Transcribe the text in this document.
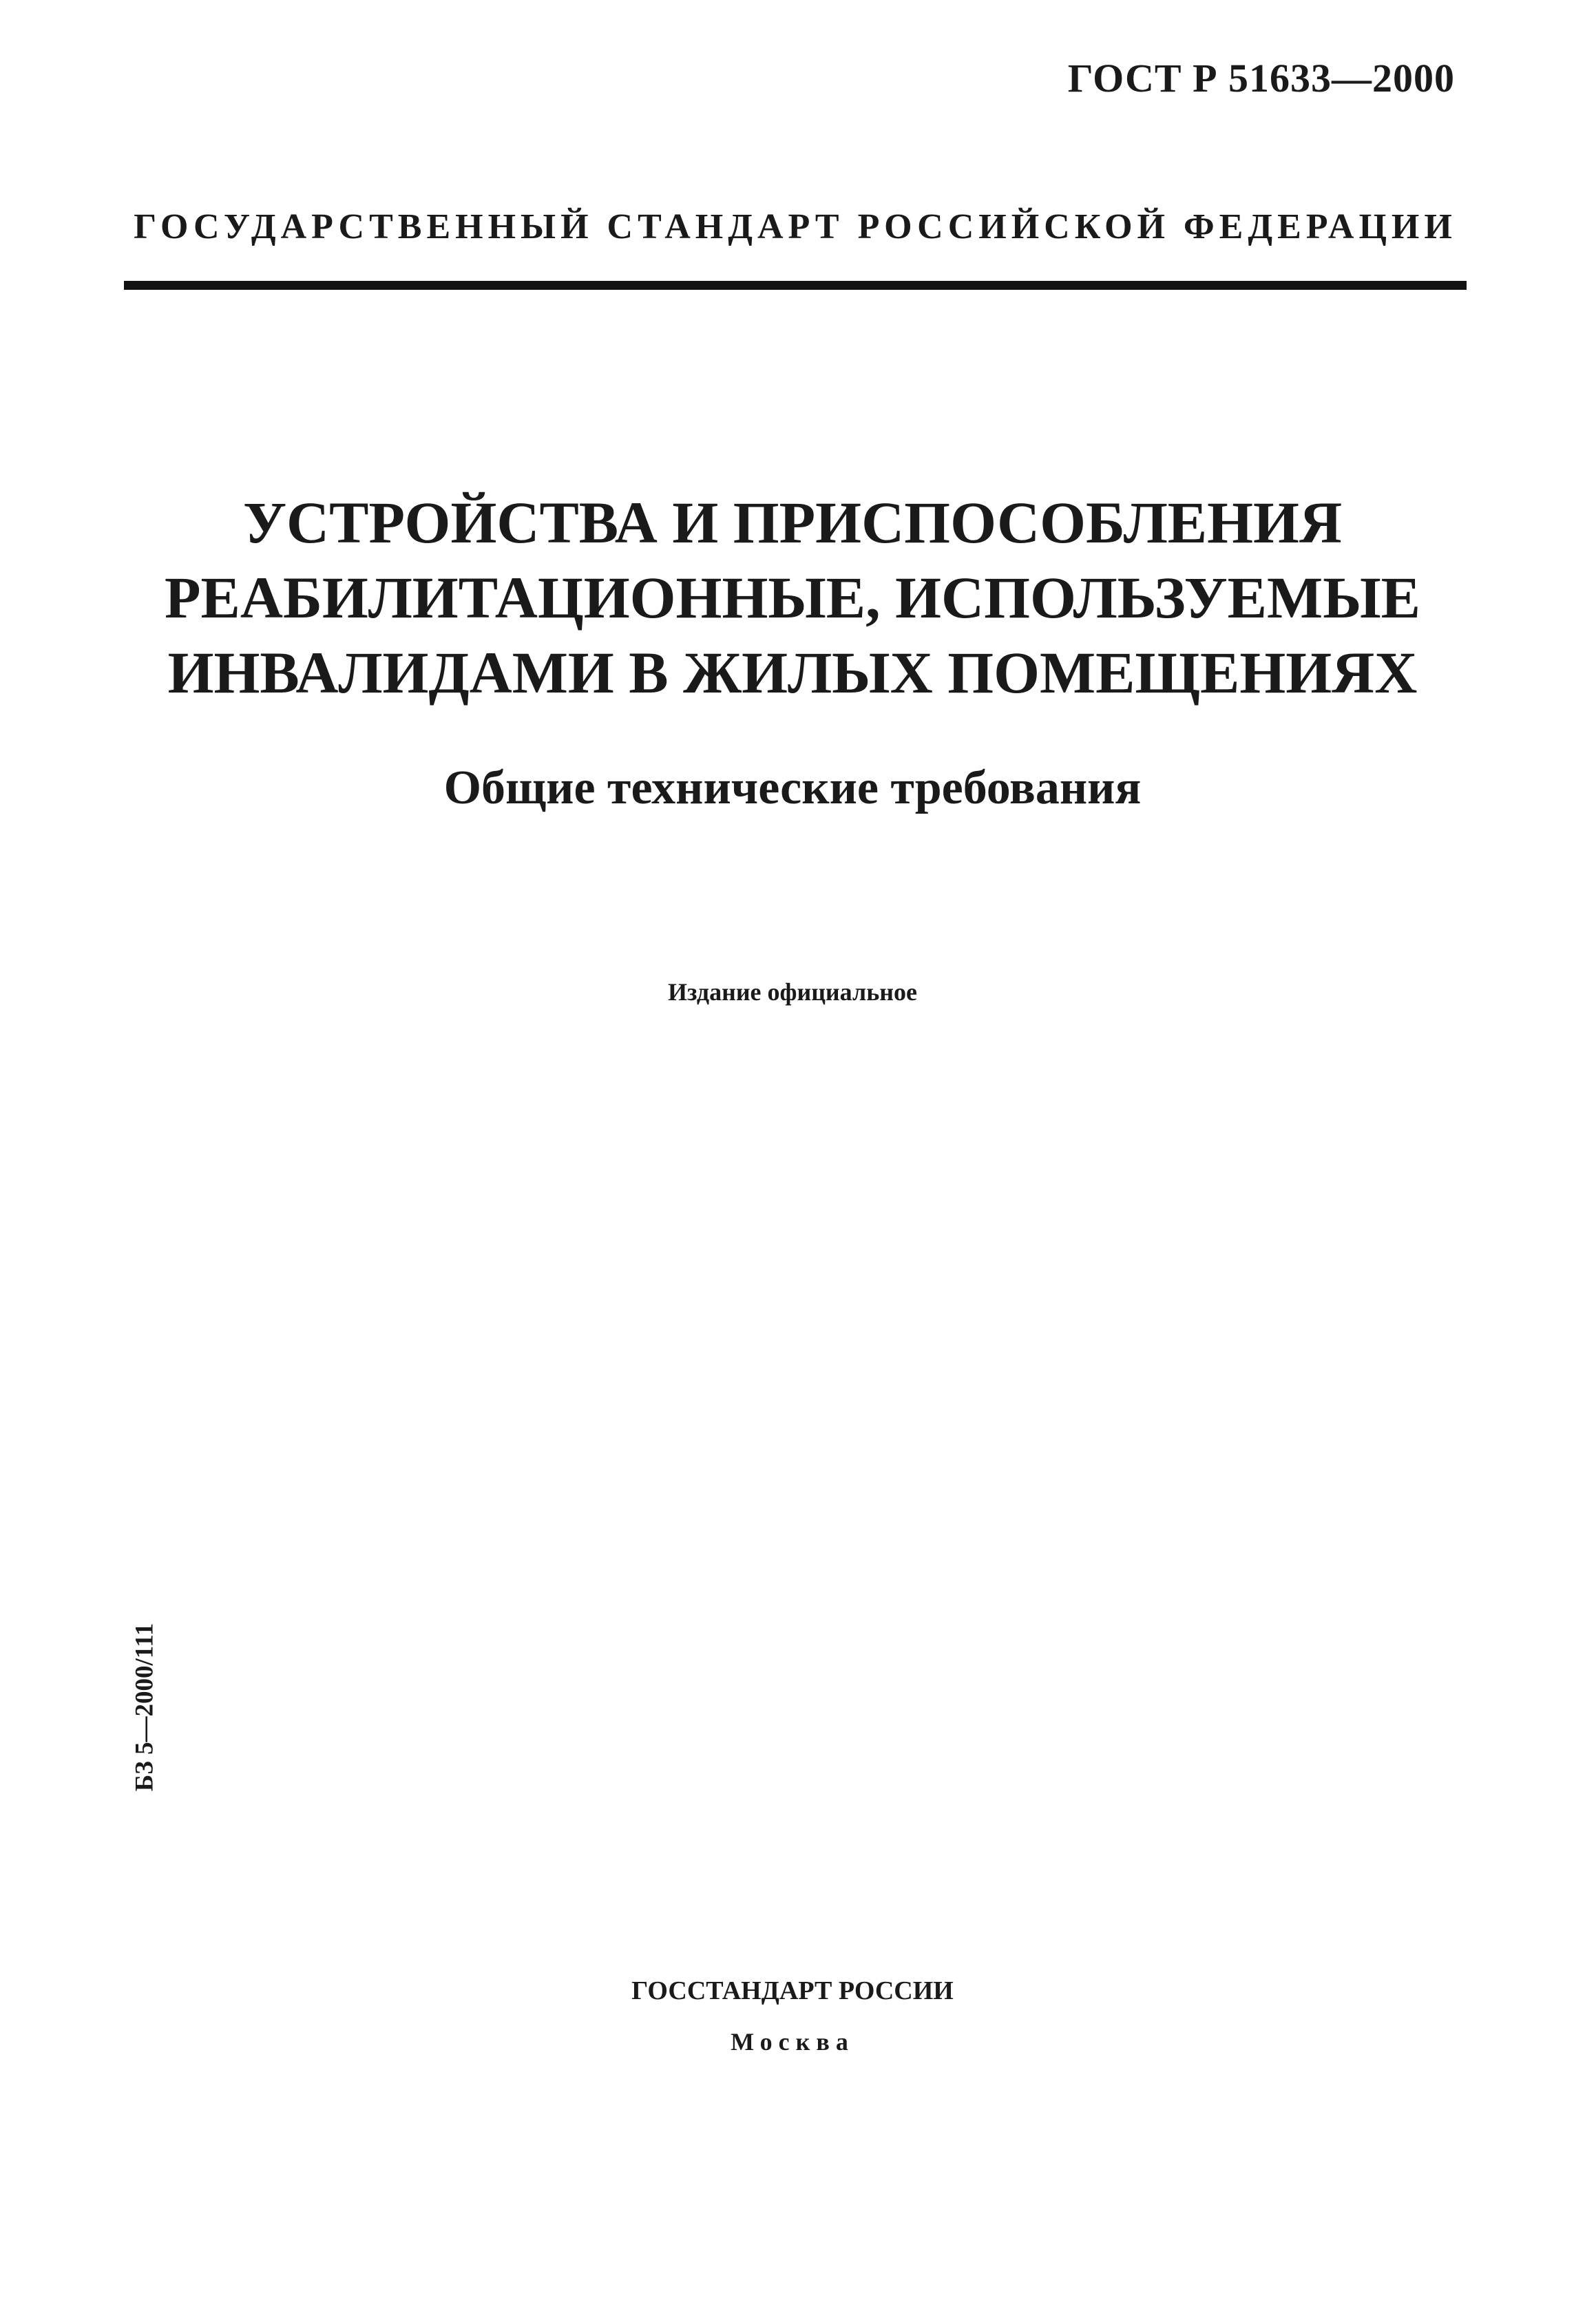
ГОСТ Р 51633—2000
ГОСУДАРСТВЕННЫЙ СТАНДАРТ РОССИЙСКОЙ ФЕДЕРАЦИИ
УСТРОЙСТВА И ПРИСПОСОБЛЕНИЯ
РЕАБИЛИТАЦИОННЫЕ, ИСПОЛЬЗУЕМЫЕ
ИНВАЛИДАМИ В ЖИЛЫХ ПОМЕЩЕНИЯХ
Общие технические требования
Издание официальное
БЗ 5—2000/111
ГОССТАНДАРТ РОССИИ
Москва
